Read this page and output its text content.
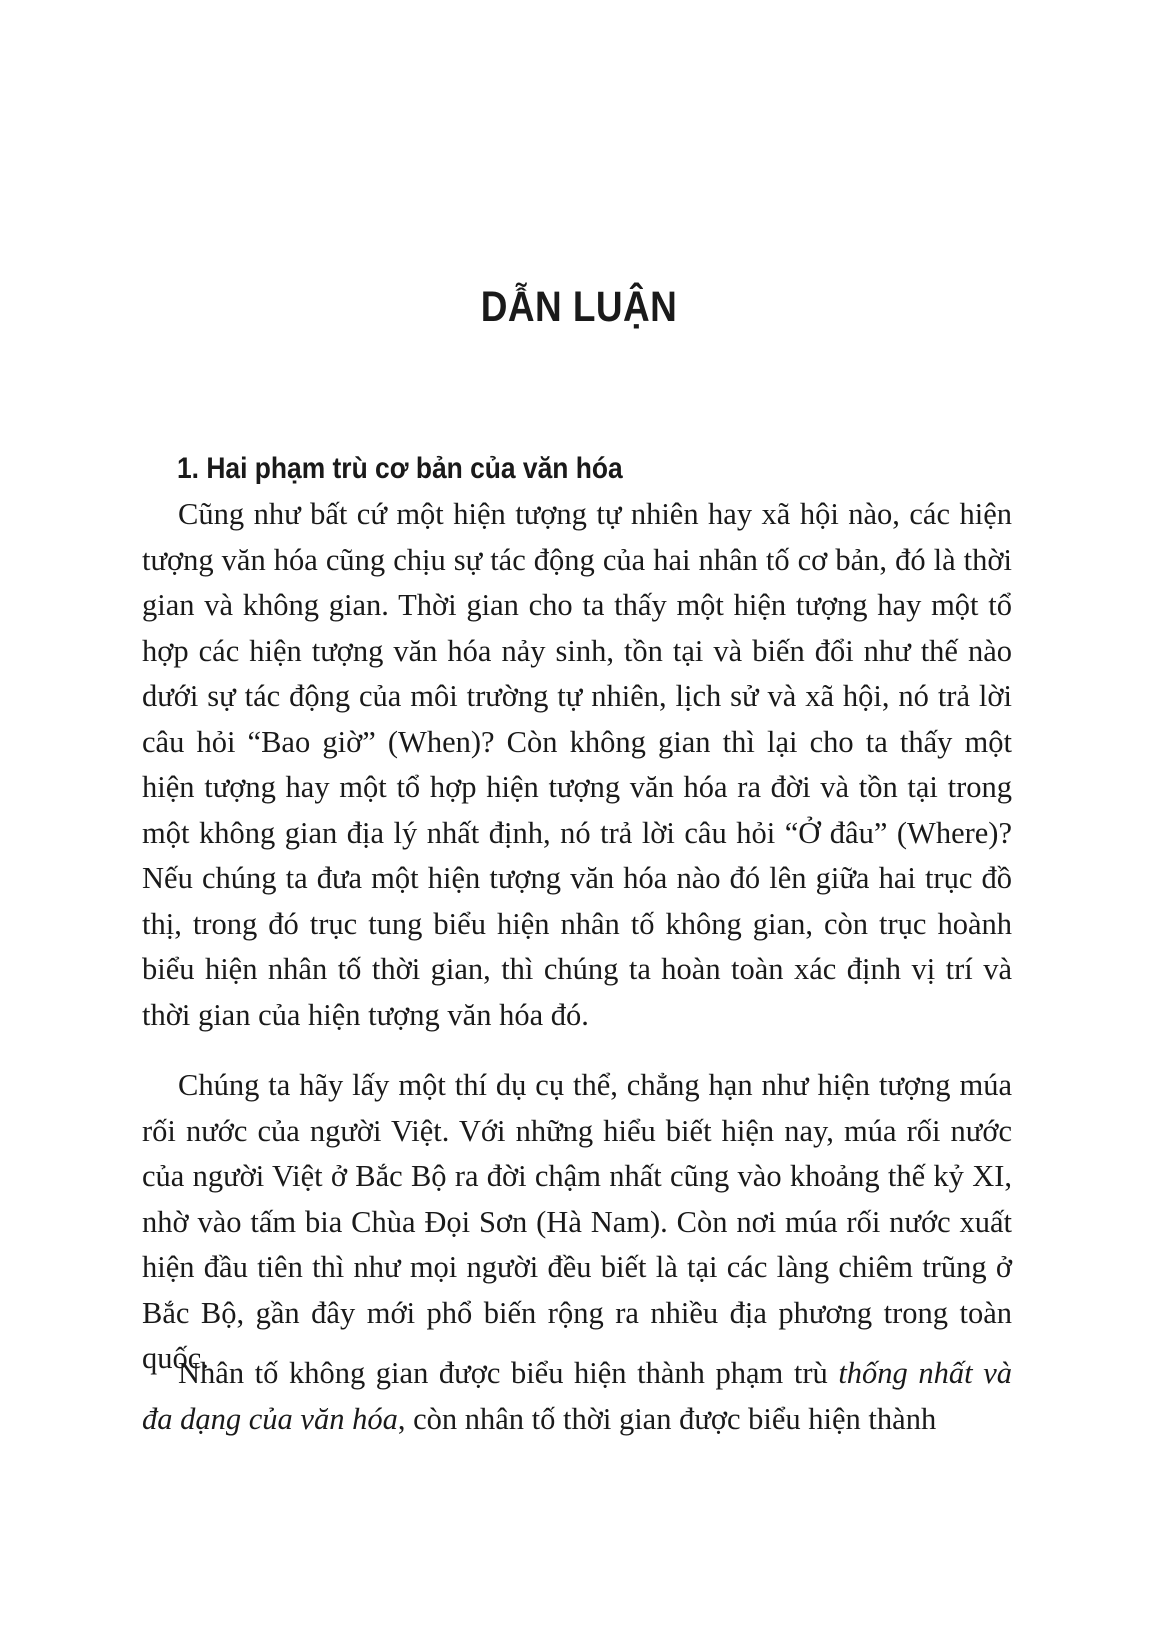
DẪN LUẬN
1. Hai phạm trù cơ bản của văn hóa

Cũng như bất cứ một hiện tượng tự nhiên hay xã hội nào, các hiện tượng văn hóa cũng chịu sự tác động của hai nhân tố cơ bản, đó là thời gian và không gian. Thời gian cho ta thấy một hiện tượng hay một tổ hợp các hiện tượng văn hóa nảy sinh, tồn tại và biến đổi như thế nào dưới sự tác động của môi trường tự nhiên, lịch sử và xã hội, nó trả lời câu hỏi “Bao giờ” (When)? Còn không gian thì lại cho ta thấy một hiện tượng hay một tổ hợp hiện tượng văn hóa ra đời và tồn tại trong một không gian địa lý nhất định, nó trả lời câu hỏi “Ở đâu” (Where)? Nếu chúng ta đưa một hiện tượng văn hóa nào đó lên giữa hai trục đồ thị, trong đó trục tung biểu hiện nhân tố không gian, còn trục hoành biểu hiện nhân tố thời gian, thì chúng ta hoàn toàn xác định vị trí và thời gian của hiện tượng văn hóa đó.

Chúng ta hãy lấy một thí dụ cụ thể, chẳng hạn như hiện tượng múa rối nước của người Việt. Với những hiểu biết hiện nay, múa rối nước của người Việt ở Bắc Bộ ra đời chậm nhất cũng vào khoảng thế kỷ XI, nhờ vào tấm bia Chùa Đọi Sơn (Hà Nam). Còn nơi múa rối nước xuất hiện đầu tiên thì như mọi người đều biết là tại các làng chiêm trũng ở Bắc Bộ, gần đây mới phổ biến rộng ra nhiều địa phương trong toàn quốc.

Nhân tố không gian được biểu hiện thành phạm trù thống nhất và đa dạng của văn hóa, còn nhân tố thời gian được biểu hiện thành
